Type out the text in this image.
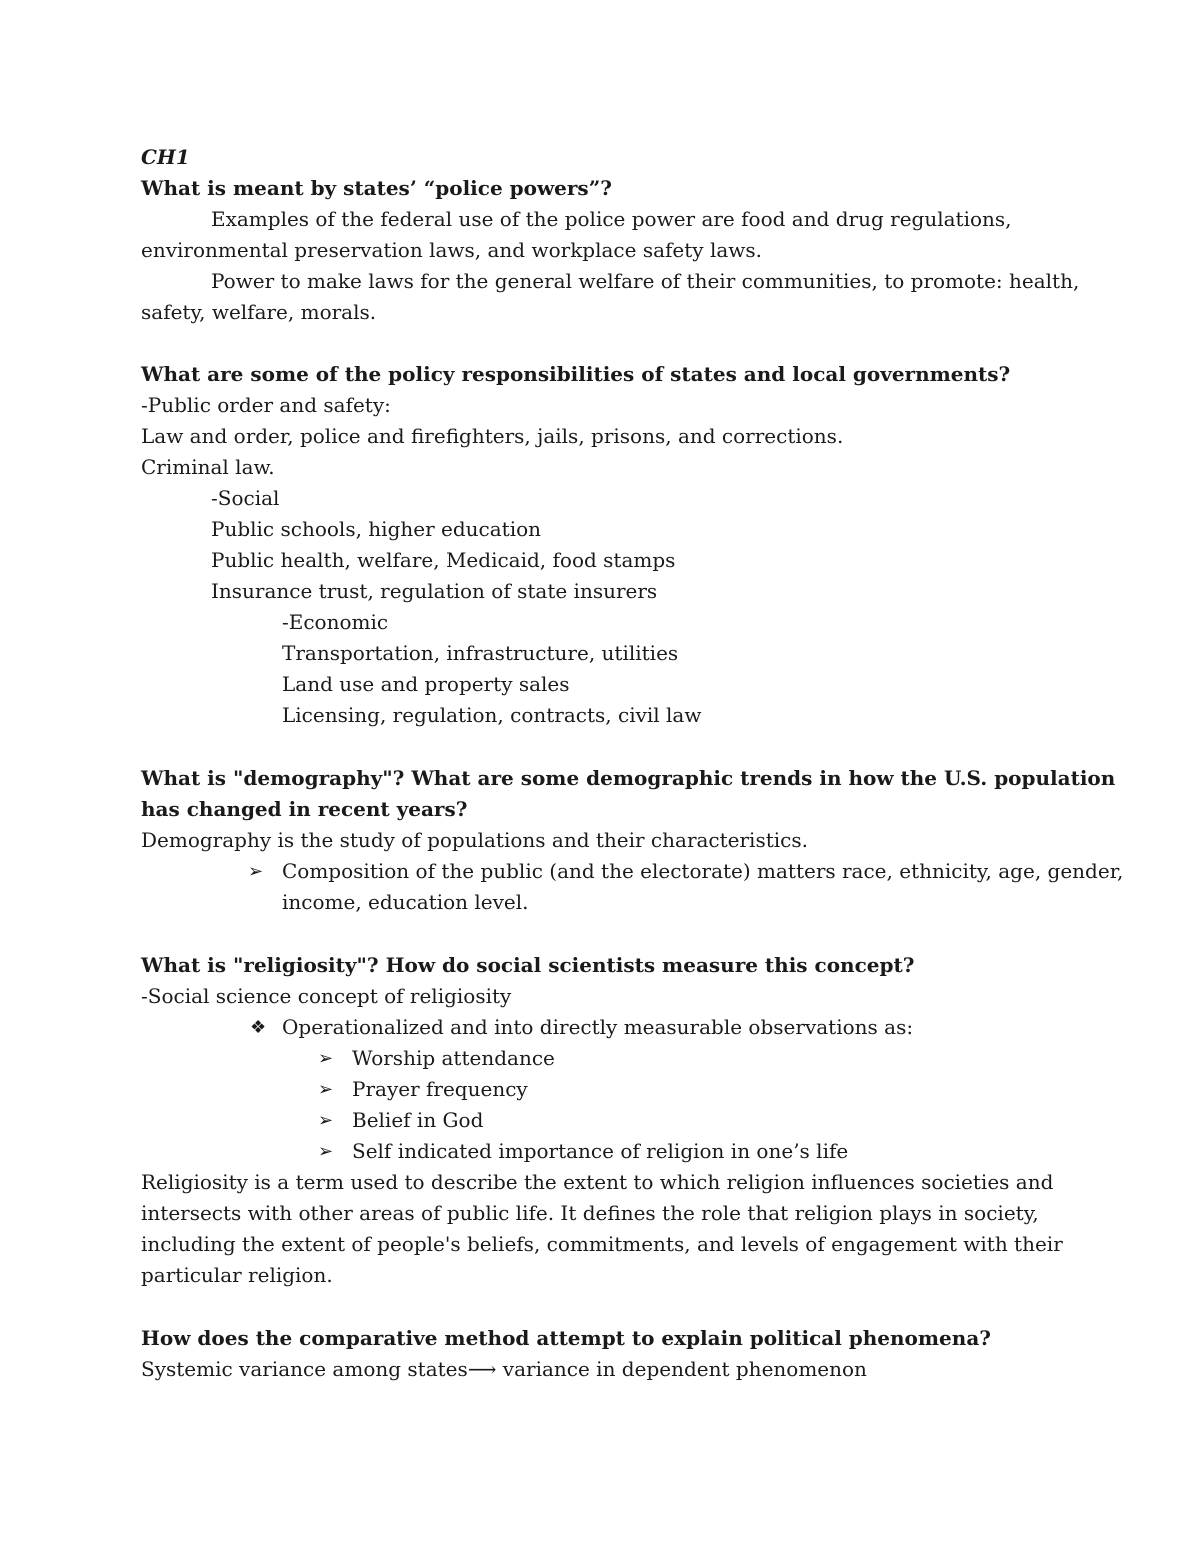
CH1
What is meant by states’ “police powers”?
Examples of the federal use of the police power are food and drug regulations,
environmental preservation laws, and workplace safety laws.
Power to make laws for the general welfare of their communities, to promote: health,
safety, welfare, morals.
What are some of the policy responsibilities of states and local governments?
-Public order and safety:
Law and order, police and firefighters, jails, prisons, and corrections.
Criminal law.
-Social
Public schools, higher education
Public health, welfare, Medicaid, food stamps
Insurance trust, regulation of state insurers
-Economic
Transportation, infrastructure, utilities
Land use and property sales
Licensing, regulation, contracts, civil law
What is "demography"? What are some demographic trends in how the U.S. population
has changed in recent years?
Demography is the study of populations and their characteristics.
➢ Composition of the public (and the electorate) matters race, ethnicity, age, gender,
income, education level.
What is "religiosity"? How do social scientists measure this concept?
-Social science concept of religiosity
❖ Operationalized and into directly measurable observations as:
➢ Worship attendance
➢ Prayer frequency
➢ Belief in God
➢ Self indicated importance of religion in one’s life
Religiosity is a term used to describe the extent to which religion influences societies and
intersects with other areas of public life. It defines the role that religion plays in society,
including the extent of people's beliefs, commitments, and levels of engagement with their
particular religion.
How does the comparative method attempt to explain political phenomena?
Systemic variance among states⟶ variance in dependent phenomenon
